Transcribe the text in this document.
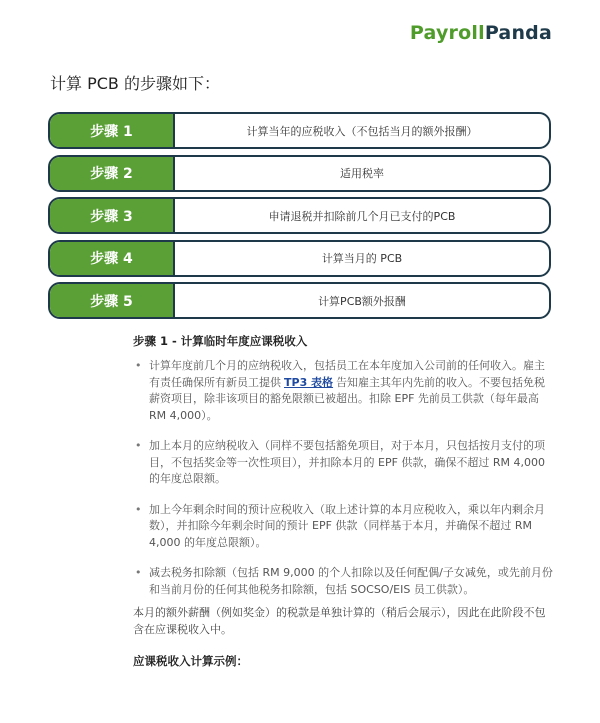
PayrollPanda
计算 PCB 的步骤如下：
步骤 1	计算当年的应税收入（不包括当月的额外报酬）
步骤 2	适用税率
步骤 3	申请退税并扣除前几个月已支付的PCB
步骤 4	计算当月的 PCB
步骤 5	计算PCB额外报酬
步骤 1 - 计算临时年度应课税收入
• 计算年度前几个月的应纳税收入，包括员工在本年度加入公司前的任何收入。雇主有责任确保所有新员工提供 TP3 表格 告知雇主其年内先前的收入。不要包括免税薪资项目，除非该项目的豁免限额已被超出。扣除 EPF 先前员工供款（每年最高 RM 4,000）。
• 加上本月的应纳税收入（同样不要包括豁免项目，对于本月，只包括按月支付的项目，不包括奖金等一次性项目），并扣除本月的 EPF 供款，确保不超过 RM 4,000 的年度总限额。
• 加上今年剩余时间的预计应税收入（取上述计算的本月应税收入，乘以年内剩余月数），并扣除今年剩余时间的预计 EPF 供款（同样基于本月，并确保不超过 RM 4,000 的年度总限额）。
• 减去税务扣除额（包括 RM 9,000 的个人扣除以及任何配偶/子女减免，或先前月份和当前月份的任何其他税务扣除额，包括 SOCSO/EIS 员工供款）。
本月的额外薪酬（例如奖金）的税款是单独计算的（稍后会展示），因此在此阶段不包含在应课税收入中。
应课税收入计算示例：
